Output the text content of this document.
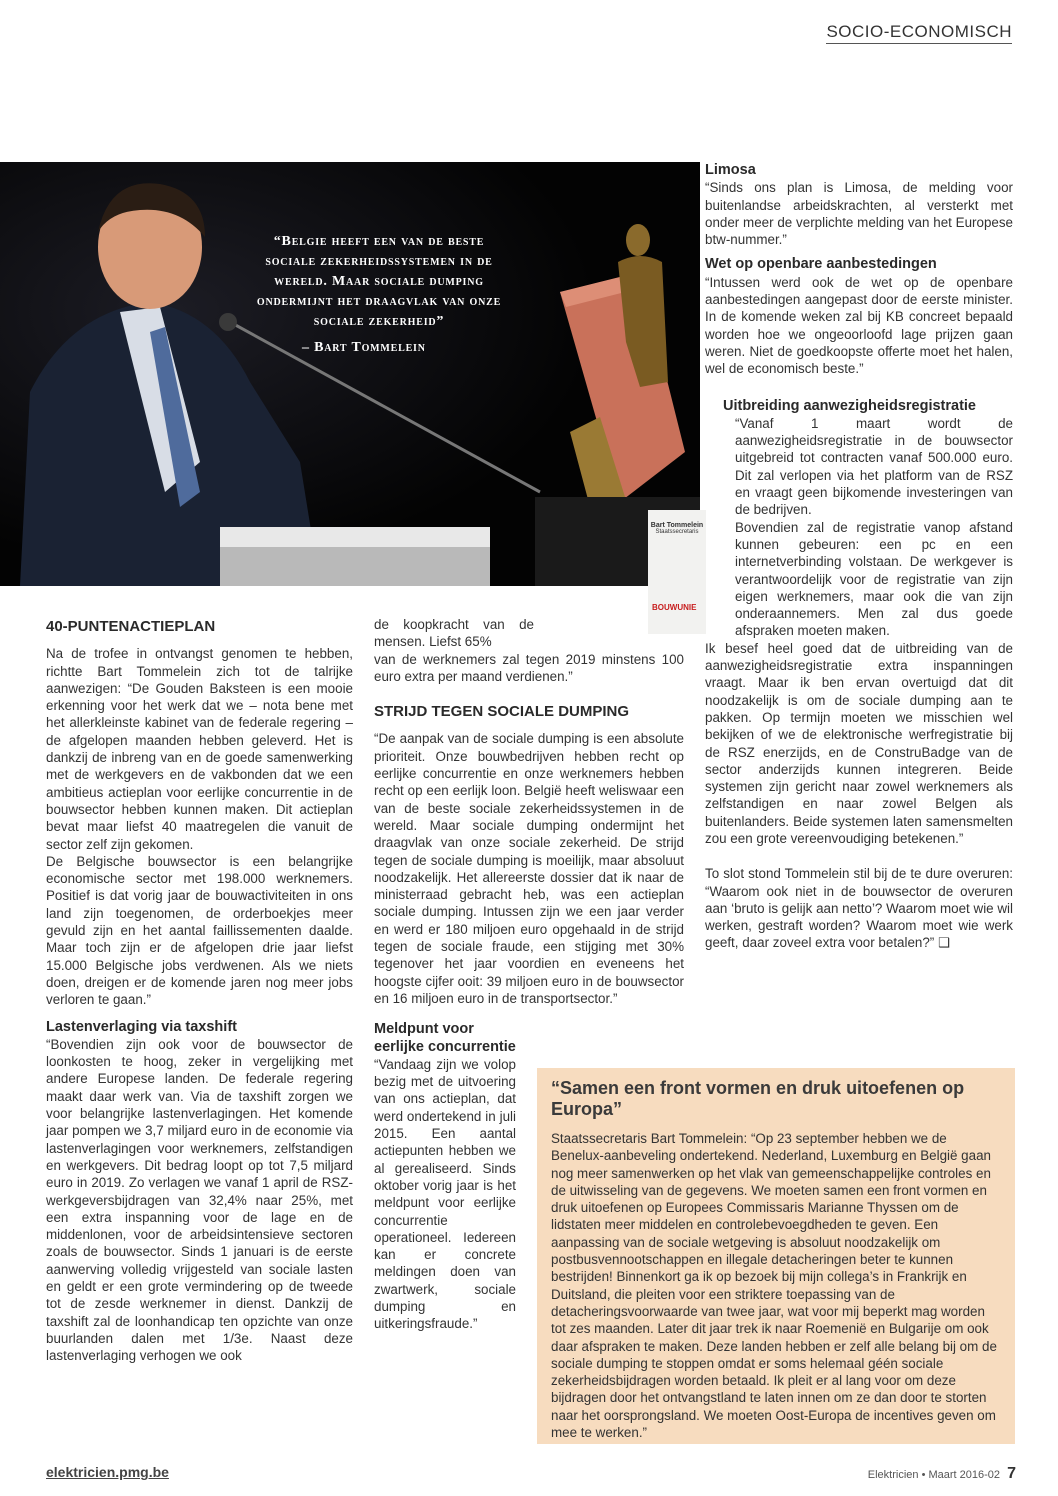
SOCIO-ECONOMISCH
“Belgie heeft een van de beste sociale zekerheidssystemen in de wereld. Maar sociale dumping ondermijnt het draagvlak van onze sociale zekerheid”
– Bart Tommelein
Bart Tommelein
Staatssecretaris
BOUWUNIE
40-PUNTENACTIEPLAN

Na de trofee in ontvangst genomen te hebben, richtte Bart Tommelein zich tot de talrijke aanwezigen: “De Gouden Baksteen is een mooie erkenning voor het werk dat we – nota bene met het allerkleinste kabinet van de federale regering – de afgelopen maanden hebben geleverd. Het is dankzij de inbreng van en de goede samenwerking met de werkgevers en de vakbonden dat we een ambitieus actieplan voor eerlijke concurrentie in de bouwsector hebben kunnen maken. Dit actieplan bevat maar liefst 40 maatregelen die vanuit de sector zelf zijn gekomen.

De Belgische bouwsector is een belangrijke economische sector met 198.000 werknemers. Positief is dat vorig jaar de bouwactiviteiten in ons land zijn toegenomen, de orderboekjes meer gevuld zijn en het aantal faillissementen daalde. Maar toch zijn er de afgelopen drie jaar liefst 15.000 Belgische jobs verdwenen. Als we niets doen, dreigen er de komende jaren nog meer jobs verloren te gaan.”

Lastenverlaging via taxshift

“Bovendien zijn ook voor de bouwsector de loonkosten te hoog, zeker in vergelijking met andere Europese landen. De federale regering maakt daar werk van. Via de taxshift zorgen we voor belangrijke lastenverlagingen. Het komende jaar pompen we 3,7 miljard euro in de economie via lastenverlagingen voor werknemers, zelfstandigen en werkgevers. Dit bedrag loopt op tot 7,5 miljard euro in 2019. Zo verlagen we vanaf 1 april de RSZ-werkgeversbijdragen van 32,4% naar 25%, met een extra inspanning voor de lage en de middenlonen, voor de arbeidsintensieve sectoren zoals de bouwsector. Sinds 1 januari is de eerste aanwerving volledig vrijgesteld van sociale lasten en geldt er een grote vermindering op de tweede tot de zesde werknemer in dienst. Dankzij de taxshift zal de loonhandicap ten opzichte van onze buurlanden dalen met 1/3e. Naast deze lastenverlaging verhogen we ook

de koopkracht van de mensen. Liefst 65%

van de werknemers zal tegen 2019 minstens 100 euro extra per maand verdienen.”

STRIJD TEGEN SOCIALE DUMPING

“De aanpak van de sociale dumping is een absolute prioriteit. Onze bouwbedrijven hebben recht op eerlijke concurrentie en onze werknemers hebben recht op een eerlijk loon. België heeft weliswaar een van de beste sociale zekerheidssystemen in de wereld. Maar sociale dumping ondermijnt het draagvlak van onze sociale zekerheid. De strijd tegen de sociale dumping is moeilijk, maar absoluut noodzakelijk. Het allereerste dossier dat ik naar de ministerraad gebracht heb, was een actieplan sociale dumping. Intussen zijn we een jaar verder en werd er 180 miljoen euro opgehaald in de strijd tegen de sociale fraude, een stijging met 30% tegenover het jaar voordien en eveneens het hoogste cijfer ooit: 39 miljoen euro in de bouwsector en 16 miljoen euro in de transportsector.”

Meldpunt voor eerlijke concurrentie

“Vandaag zijn we volop bezig met de uitvoering van ons actieplan, dat werd ondertekend in juli 2015. Een aantal actiepunten hebben we al gerealiseerd. Sinds oktober vorig jaar is het meldpunt voor eerlijke concurrentie operationeel. Iedereen kan er concrete meldingen doen van zwartwerk, sociale dumping en uitkeringsfraude.”

Limosa

“Sinds ons plan is Limosa, de melding voor buitenlandse arbeidskrachten, al versterkt met onder meer de verplichte melding van het Europese btw-nummer.”

Wet op openbare aanbestedingen

“Intussen werd ook de wet op de openbare aanbestedingen aangepast door de eerste minister. In de komende weken zal bij KB concreet bepaald worden hoe we ongeoorloofd lage prijzen gaan weren. Niet de goedkoopste offerte moet het halen, wel de economisch beste.”

Uitbreiding aanwezigheidsregistratie

“Vanaf 1 maart wordt de aanwezigheidsregistratie in de bouwsector uitgebreid tot contracten vanaf 500.000 euro. Dit zal verlopen via het platform van de RSZ en vraagt geen bijkomende investeringen van de bedrijven.

Bovendien zal de registratie vanop afstand kunnen gebeuren: een pc en een internetverbinding volstaan. De werkgever is verantwoordelijk voor de registratie van zijn eigen werknemers, maar ook die van zijn onderaannemers. Men zal dus goede afspraken moeten maken.

Ik besef heel goed dat de uitbreiding van de aanwezigheidsregistratie extra inspanningen vraagt. Maar ik ben ervan overtuigd dat dit noodzakelijk is om de sociale dumping aan te pakken. Op termijn moeten we misschien wel bekijken of we de elektronische werfregistratie bij de RSZ enerzijds, en de ConstruBadge van de sector anderzijds kunnen integreren. Beide systemen zijn gericht naar zowel werknemers als zelfstandigen en naar zowel Belgen als buitenlanders. Beide systemen laten samensmelten zou een grote vereenvoudiging betekenen.”

To slot stond Tommelein stil bij de te dure overuren: “Waarom ook niet in de bouwsector de overuren aan ‘bruto is gelijk aan netto’? Waarom moet wie wil werken, gestraft worden? Waarom moet wie werk geeft, daar zoveel extra voor betalen?” ❑

“Samen een front vormen en druk uitoefenen op Europa”

Staatssecretaris Bart Tommelein: “Op 23 september hebben we de Benelux-aanbeveling ondertekend. Nederland, Luxemburg en België gaan nog meer samenwerken op het vlak van gemeenschappelijke controles en de uitwisseling van de gegevens. We moeten samen een front vormen en druk uitoefenen op Europees Commissaris Marianne Thyssen om de lidstaten meer middelen en controlebevoegdheden te geven. Een aanpassing van de sociale wetgeving is absoluut noodzakelijk om postbusvennootschappen en illegale detacheringen beter te kunnen bestrijden! Binnenkort ga ik op bezoek bij mijn collega’s in Frankrijk en Duitsland, die pleiten voor een striktere toepassing van de detacheringsvoorwaarde van twee jaar, wat voor mij beperkt mag worden tot zes maanden. Later dit jaar trek ik naar Roemenië en Bulgarije om ook daar afspraken te maken. Deze landen hebben er zelf alle belang bij om de sociale dumping te stoppen omdat er soms helemaal géén sociale zekerheidsbijdragen worden betaald. Ik pleit er al lang voor om deze bijdragen door het ontvangstland te laten innen om ze dan door te storten naar het oorsprongsland. We moeten Oost-Europa de incentives geven om mee te werken.”

elektricien.pmg.be	Elektricien • Maart 2016-02 7
